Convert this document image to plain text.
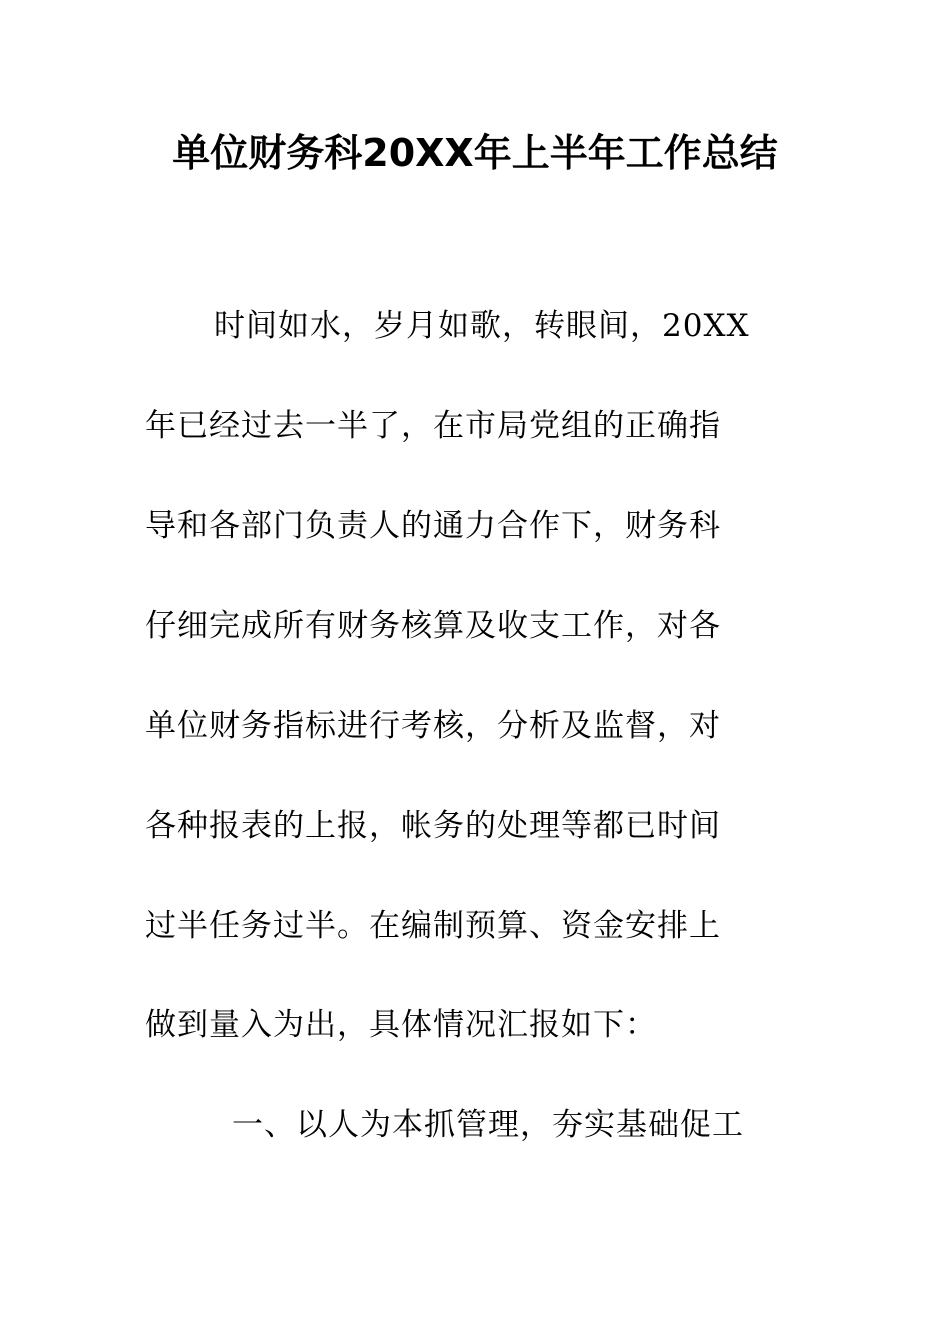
单位财务科20XX年上半年工作总结
时间如水，岁月如歌，转眼间，20XX
年已经过去一半了，在市局党组的正确指
导和各部门负责人的通力合作下，财务科
仔细完成所有财务核算及收支工作，对各
单位财务指标进行考核，分析及监督，对
各种报表的上报，帐务的处理等都已时间
过半任务过半。在编制预算、资金安排上
做到量入为出，具体情况汇报如下：
一、以人为本抓管理，夯实基础促工
